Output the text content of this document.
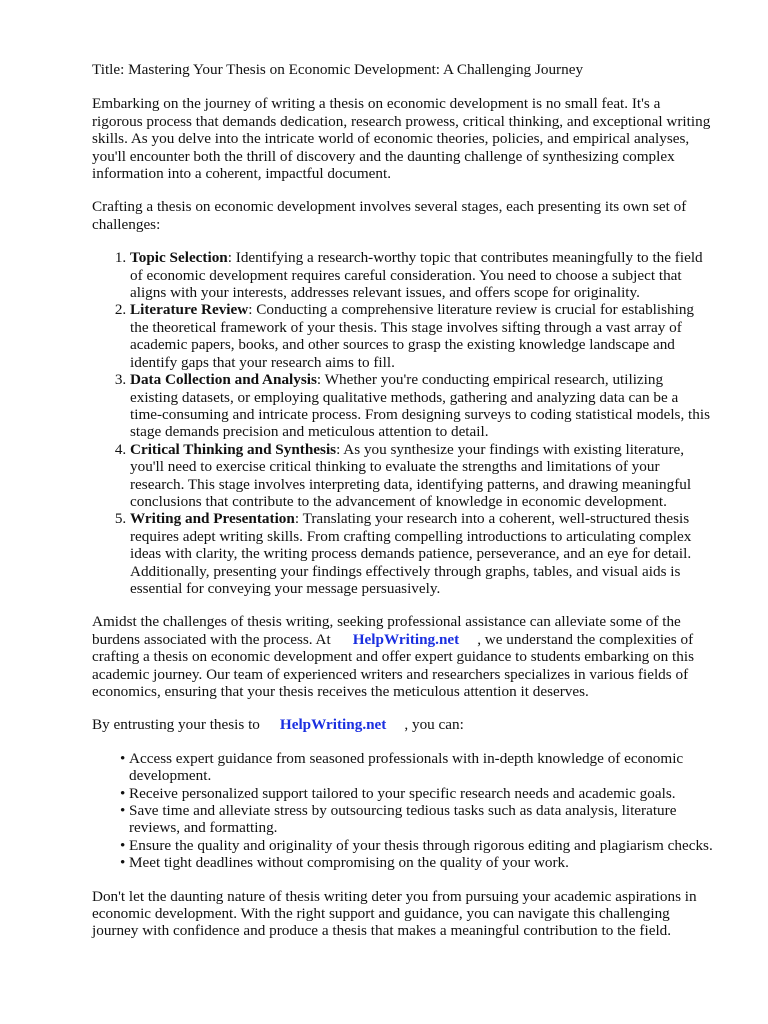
Title: Mastering Your Thesis on Economic Development: A Challenging Journey

Embarking on the journey of writing a thesis on economic development is no small feat. It's a rigorous process that demands dedication, research prowess, critical thinking, and exceptional writing skills. As you delve into the intricate world of economic theories, policies, and empirical analyses, you'll encounter both the thrill of discovery and the daunting challenge of synthesizing complex information into a coherent, impactful document.

Crafting a thesis on economic development involves several stages, each presenting its own set of challenges:

1. Topic Selection: Identifying a research-worthy topic that contributes meaningfully to the field of economic development requires careful consideration. You need to choose a subject that aligns with your interests, addresses relevant issues, and offers scope for originality.
2. Literature Review: Conducting a comprehensive literature review is crucial for establishing the theoretical framework of your thesis. This stage involves sifting through a vast array of academic papers, books, and other sources to grasp the existing knowledge landscape and identify gaps that your research aims to fill.
3. Data Collection and Analysis: Whether you're conducting empirical research, utilizing existing datasets, or employing qualitative methods, gathering and analyzing data can be a time-consuming and intricate process. From designing surveys to coding statistical models, this stage demands precision and meticulous attention to detail.
4. Critical Thinking and Synthesis: As you synthesize your findings with existing literature, you'll need to exercise critical thinking to evaluate the strengths and limitations of your research. This stage involves interpreting data, identifying patterns, and drawing meaningful conclusions that contribute to the advancement of knowledge in economic development.
5. Writing and Presentation: Translating your research into a coherent, well-structured thesis requires adept writing skills. From crafting compelling introductions to articulating complex ideas with clarity, the writing process demands patience, perseverance, and an eye for detail. Additionally, presenting your findings effectively through graphs, tables, and visual aids is essential for conveying your message persuasively.

Amidst the challenges of thesis writing, seeking professional assistance can alleviate some of the burdens associated with the process. At HelpWriting.net , we understand the complexities of crafting a thesis on economic development and offer expert guidance to students embarking on this academic journey. Our team of experienced writers and researchers specializes in various fields of economics, ensuring that your thesis receives the meticulous attention it deserves.

By entrusting your thesis to HelpWriting.net , you can:

• Access expert guidance from seasoned professionals with in-depth knowledge of economic development.
• Receive personalized support tailored to your specific research needs and academic goals.
• Save time and alleviate stress by outsourcing tedious tasks such as data analysis, literature reviews, and formatting.
• Ensure the quality and originality of your thesis through rigorous editing and plagiarism checks.
• Meet tight deadlines without compromising on the quality of your work.

Don't let the daunting nature of thesis writing deter you from pursuing your academic aspirations in economic development. With the right support and guidance, you can navigate this challenging journey with confidence and produce a thesis that makes a meaningful contribution to the field.
